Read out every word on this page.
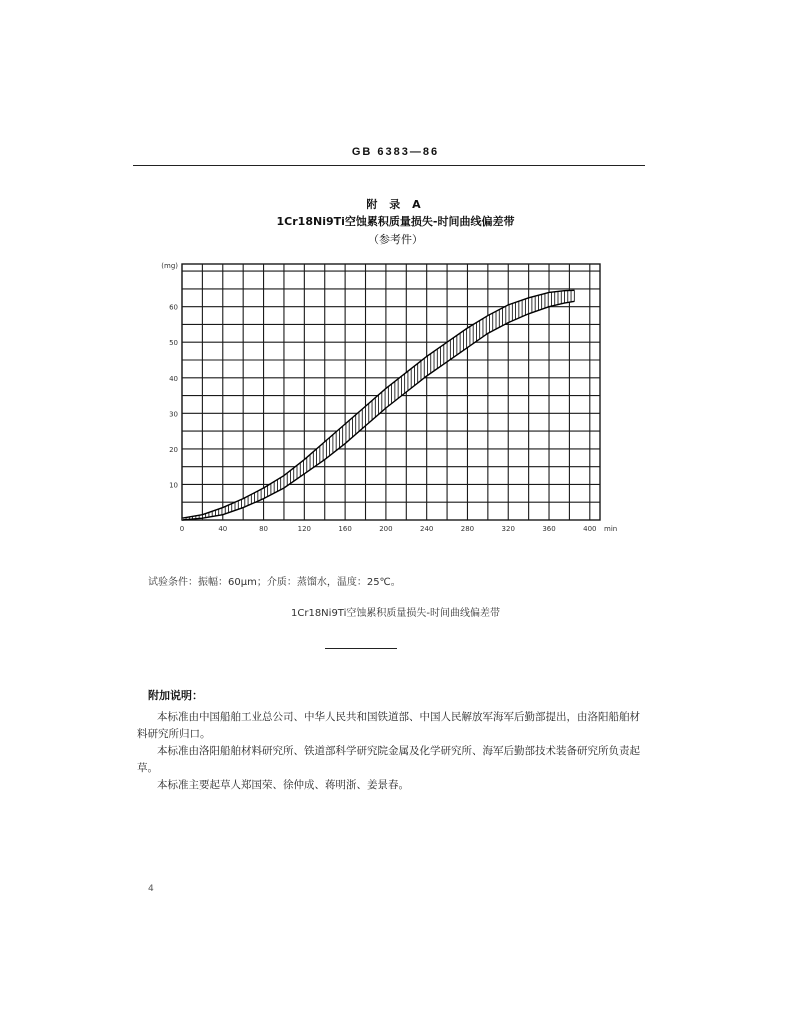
GB 6383—86
附 录 A
1Cr18Ni9Ti空蚀累积质量损失-时间曲线偏差带
（参考件）
10
20
30
40
50
60
(mg)
0	40	80	120	160	200	240	280	320	360	400 min
试验条件：振幅：60μm；介质：蒸馏水，温度：25℃。
1Cr18Ni9Ti空蚀累积质量损失-时间曲线偏差带
附加说明：
本标准由中国船舶工业总公司、中华人民共和国铁道部、中国人民解放军海军后勤部提出，由洛阳船舶材料研究所归口。
本标准由洛阳船舶材料研究所、铁道部科学研究院金属及化学研究所、海军后勤部技术装备研究所负责起草。
本标准主要起草人郑国荣、徐仲成、蒋明浙、姜景春。
4
